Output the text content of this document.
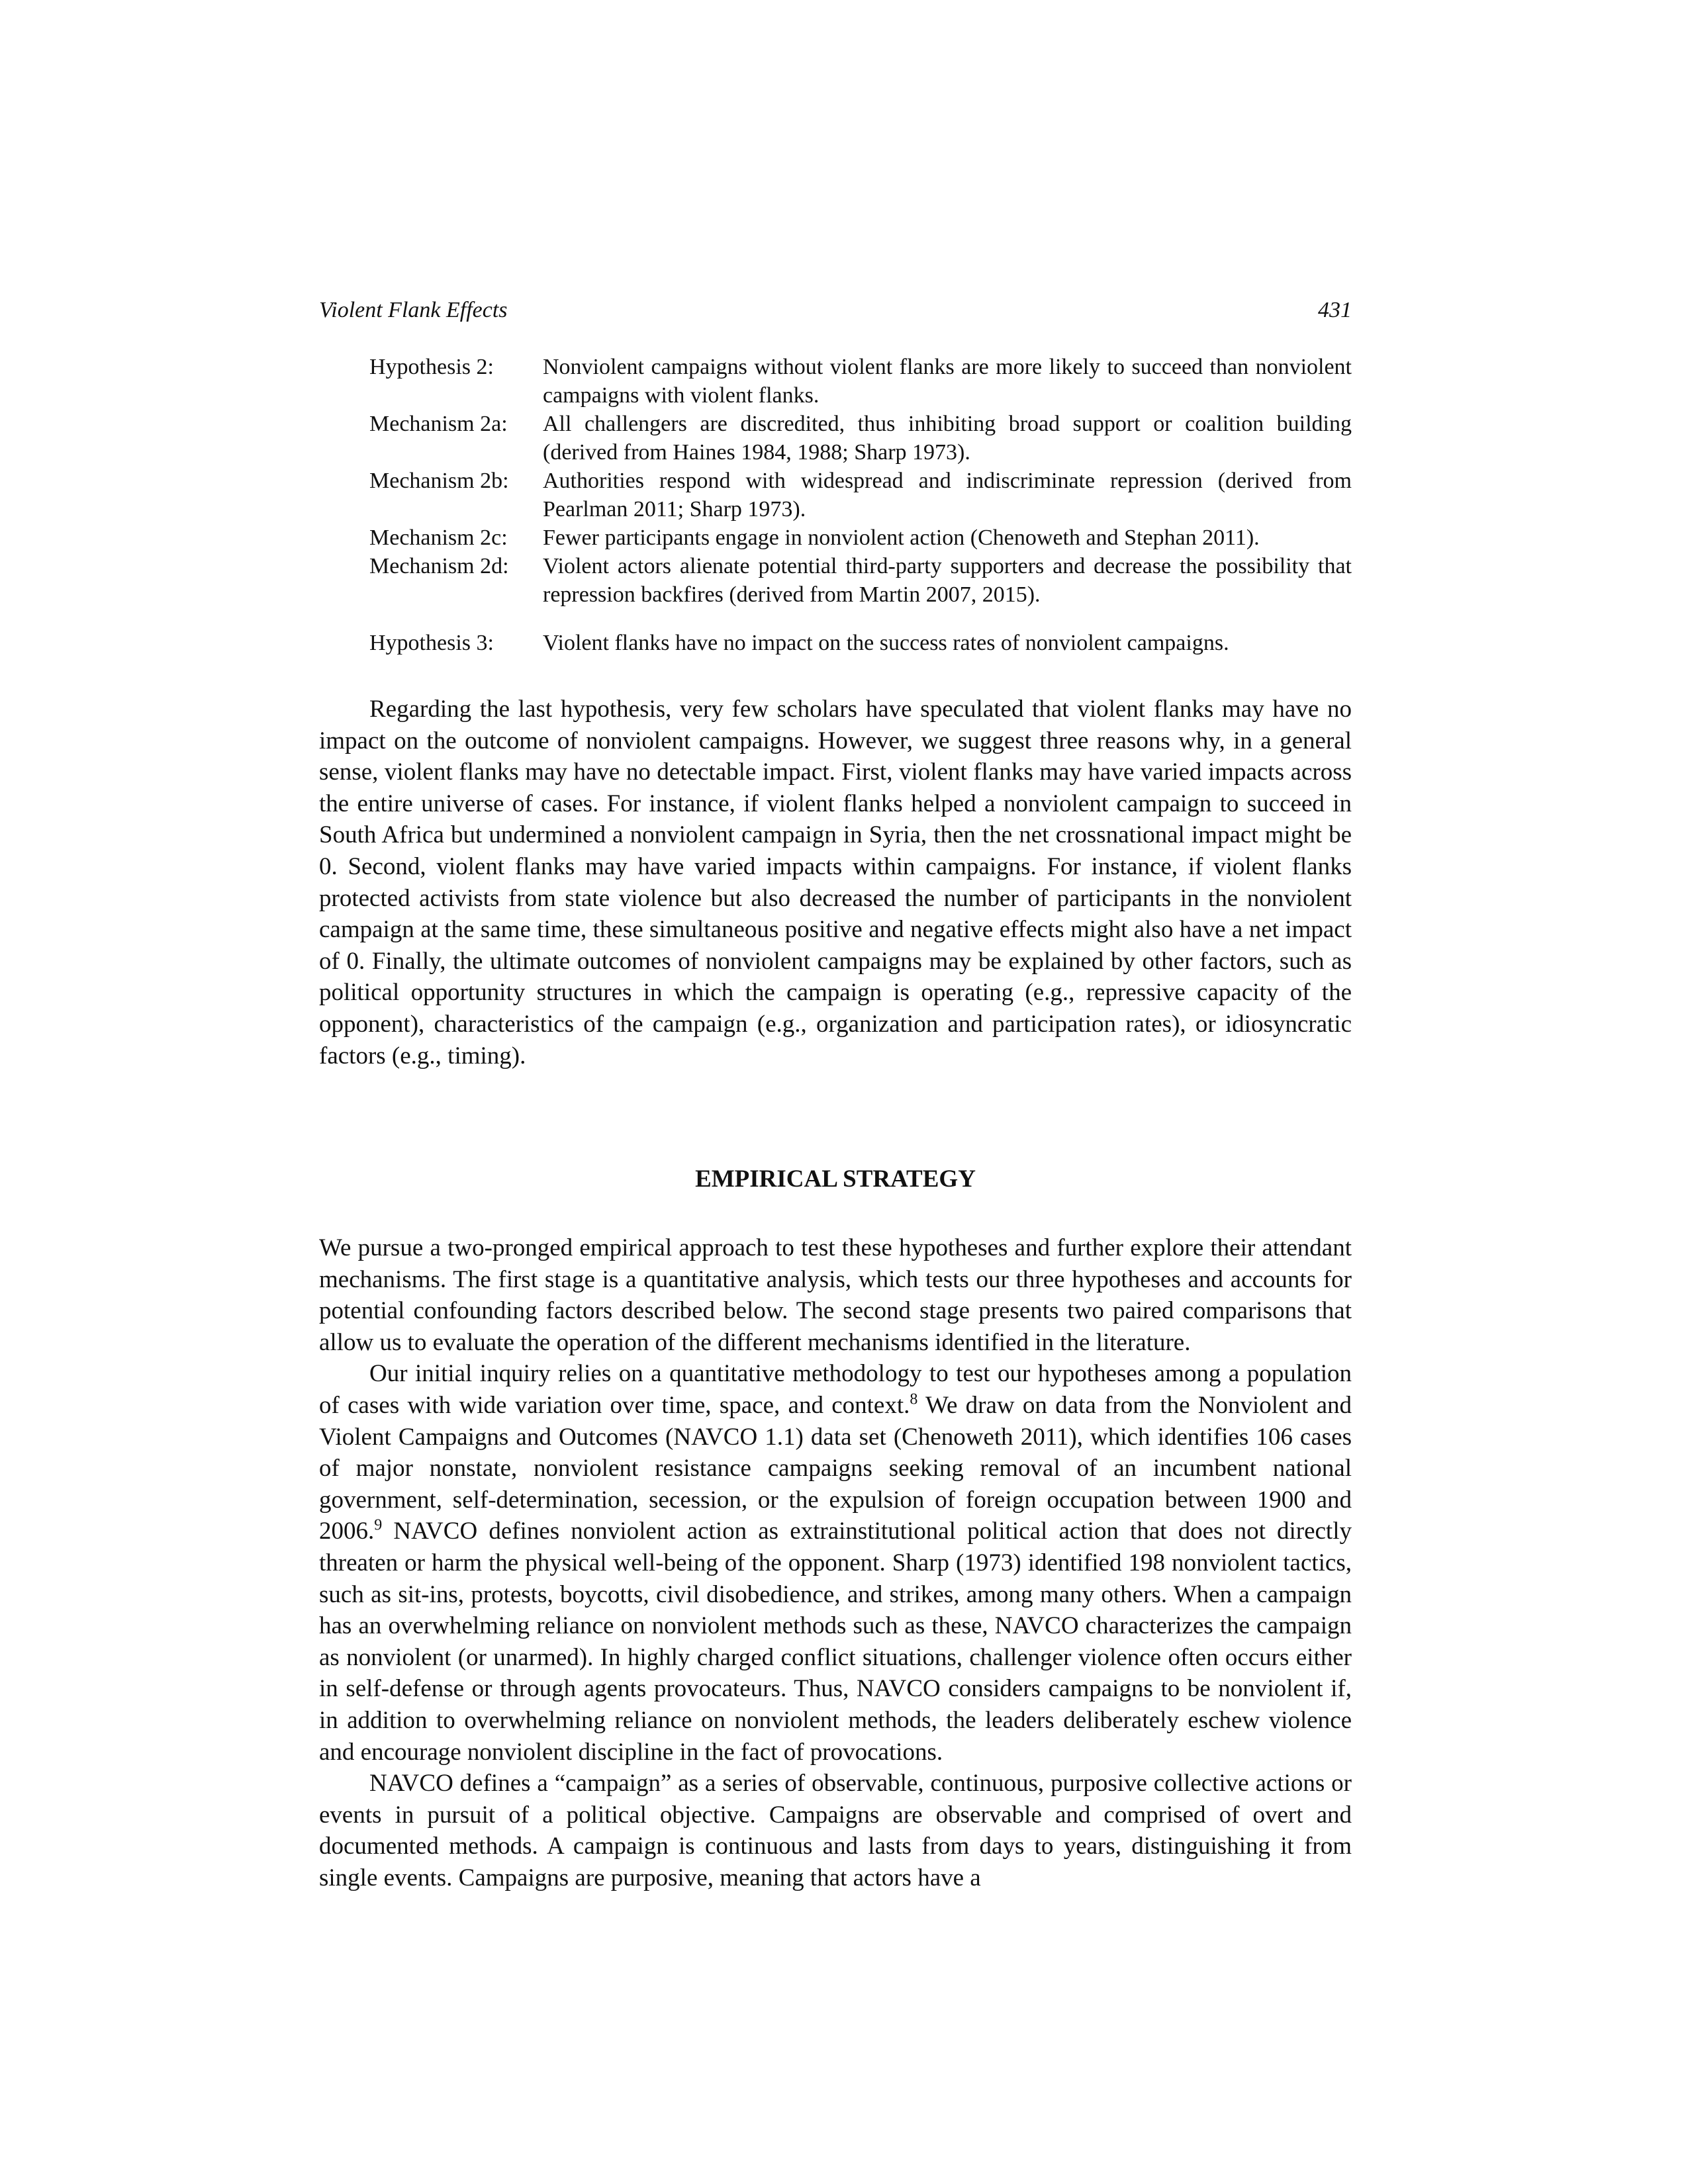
Violent Flank Effects	431
Hypothesis 2:	Nonviolent campaigns without violent flanks are more likely to succeed than nonviolent campaigns with violent flanks.
Mechanism 2a:	All challengers are discredited, thus inhibiting broad support or coalition building (derived from Haines 1984, 1988; Sharp 1973).
Mechanism 2b:	Authorities respond with widespread and indiscriminate repression (derived from Pearlman 2011; Sharp 1973).
Mechanism 2c:	Fewer participants engage in nonviolent action (Chenoweth and Stephan 2011).
Mechanism 2d:	Violent actors alienate potential third-party supporters and decrease the possibility that repression backfires (derived from Martin 2007, 2015).
Hypothesis 3:	Violent flanks have no impact on the success rates of nonviolent campaigns.

Regarding the last hypothesis, very few scholars have speculated that violent flanks may have no impact on the outcome of nonviolent campaigns. However, we suggest three reasons why, in a general sense, violent flanks may have no detectable impact. First, violent flanks may have varied impacts across the entire universe of cases. For instance, if violent flanks helped a nonviolent campaign to succeed in South Africa but undermined a nonviolent campaign in Syria, then the net crossnational impact might be 0. Second, violent flanks may have varied impacts within campaigns. For instance, if violent flanks protected activists from state violence but also decreased the number of participants in the nonviolent campaign at the same time, these simultaneous positive and negative effects might also have a net impact of 0. Finally, the ultimate outcomes of nonviolent campaigns may be explained by other factors, such as political opportunity structures in which the campaign is operating (e.g., repressive capacity of the opponent), characteristics of the campaign (e.g., organization and participation rates), or idiosyncratic factors (e.g., timing).

EMPIRICAL STRATEGY

We pursue a two-pronged empirical approach to test these hypotheses and further explore their attendant mechanisms. The first stage is a quantitative analysis, which tests our three hypotheses and accounts for potential confounding factors described below. The second stage presents two paired comparisons that allow us to evaluate the operation of the different mechanisms identified in the literature.

Our initial inquiry relies on a quantitative methodology to test our hypotheses among a population of cases with wide variation over time, space, and context.$^8$ We draw on data from the Nonviolent and Violent Campaigns and Outcomes (NAVCO 1.1) data set (Chenoweth 2011), which identifies 106 cases of major nonstate, nonviolent resistance campaigns seeking removal of an incumbent national government, self-determination, secession, or the expulsion of foreign occupation between 1900 and 2006.$^9$ NAVCO defines nonviolent action as extrainstitutional political action that does not directly threaten or harm the physical well-being of the opponent. Sharp (1973) identified 198 nonviolent tactics, such as sit-ins, protests, boycotts, civil disobedience, and strikes, among many others. When a campaign has an overwhelming reliance on nonviolent methods such as these, NAVCO characterizes the campaign as nonviolent (or unarmed). In highly charged conflict situations, challenger violence often occurs either in self-defense or through agents provocateurs. Thus, NAVCO considers campaigns to be nonviolent if, in addition to overwhelming reliance on nonviolent methods, the leaders deliberately eschew violence and encourage nonviolent discipline in the fact of provocations.

NAVCO defines a “campaign” as a series of observable, continuous, purposive collective actions or events in pursuit of a political objective. Campaigns are observable and comprised of overt and documented methods. A campaign is continuous and lasts from days to years, distinguishing it from single events. Campaigns are purposive, meaning that actors have a
